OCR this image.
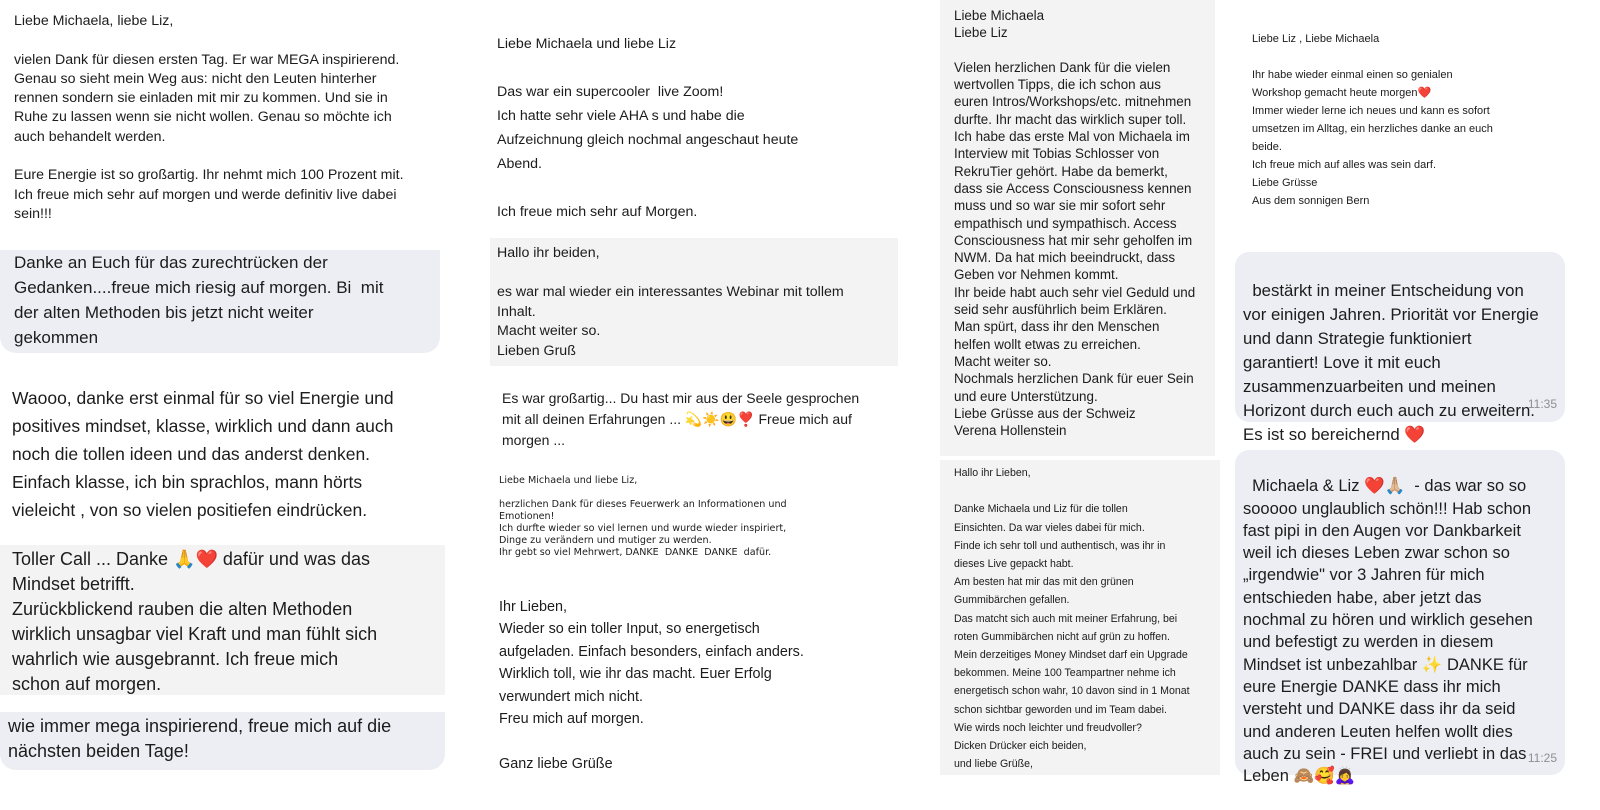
Liebe Michaela, liebe Liz,

vielen Dank für diesen ersten Tag. Er war MEGA inspirierend.
Genau so sieht mein Weg aus: nicht den Leuten hinterher
rennen sondern sie einladen mit mir zu kommen. Und sie in
Ruhe zu lassen wenn sie nicht wollen. Genau so möchte ich
auch behandelt werden.

Eure Energie ist so großartig. Ihr nehmt mich 100 Prozent mit.
Ich freue mich sehr auf morgen und werde definitiv live dabei
sein!!!
Danke an Euch für das zurechtrücken der
Gedanken....freue mich riesig auf morgen. Bi  mit
der alten Methoden bis jetzt nicht weiter
gekommen
Waooo, danke erst einmal für so viel Energie und
positives mindset, klasse, wirklich und dann auch
noch die tollen ideen und das anderst denken.
Einfach klasse, ich bin sprachlos, mann hörts
vieleicht , von so vielen positiefen eindrücken.
Toller Call ... Danke 🙏❤️ dafür und was das
Mindset betrifft.
Zurückblickend rauben die alten Methoden
wirklich unsagbar viel Kraft und man fühlt sich
wahrlich wie ausgebrannt. Ich freue mich
schon auf morgen.
wie immer mega inspirierend, freue mich auf die
nächsten beiden Tage!
Liebe Michaela und liebe Liz

Das war ein supercooler  live Zoom!
Ich hatte sehr viele AHA s und habe die
Aufzeichnung gleich nochmal angeschaut heute
Abend.

Ich freue mich sehr auf Morgen.
Hallo ihr beiden,

es war mal wieder ein interessantes Webinar mit tollem
Inhalt.
Macht weiter so.
Lieben Gruß
Es war großartig... Du hast mir aus der Seele gesprochen
mit all deinen Erfahrungen ... 💫☀️😃❣️ Freue mich auf
morgen ...
Liebe Michaela und liebe Liz,

herzlichen Dank für dieses Feuerwerk an Informationen und
Emotionen!
Ich durfte wieder so viel lernen und wurde wieder inspiriert,
Dinge zu verändern und mutiger zu werden.
Ihr gebt so viel Mehrwert, DANKE  DANKE  DANKE  dafür.
Ihr Lieben,
Wieder so ein toller Input, so energetisch
aufgeladen. Einfach besonders, einfach anders.
Wirklich toll, wie ihr das macht. Euer Erfolg
verwundert mich nicht.
Freu mich auf morgen.

Ganz liebe Grüße
Liebe Michaela
Liebe Liz

Vielen herzlichen Dank für die vielen
wertvollen Tipps, die ich schon aus
euren Intros/Workshops/etc. mitnehmen
durfte. Ihr macht das wirklich super toll.
Ich habe das erste Mal von Michaela im
Interview mit Tobias Schlosser von
RekruTier gehört. Habe da bemerkt,
dass sie Access Consciousness kennen
muss und so war sie mir sofort sehr
empathisch und sympathisch. Access
Consciousness hat mir sehr geholfen im
NWM. Da hat mich beeindruckt, dass
Geben vor Nehmen kommt.
Ihr beide habt auch sehr viel Geduld und
seid sehr ausführlich beim Erklären.
Man spürt, dass ihr den Menschen
helfen wollt etwas zu erreichen.
Macht weiter so.
Nochmals herzlichen Dank für euer Sein
und eure Unterstützung.
Liebe Grüsse aus der Schweiz
Verena Hollenstein
Hallo ihr Lieben,

Danke Michaela und Liz für die tollen
Einsichten. Da war vieles dabei für mich.
Finde ich sehr toll und authentisch, was ihr in
dieses Live gepackt habt.
Am besten hat mir das mit den grünen
Gummibärchen gefallen.
Das matcht sich auch mit meiner Erfahrung, bei
roten Gummibärchen nicht auf grün zu hoffen.
Mein derzeitiges Money Mindset darf ein Upgrade
bekommen. Meine 100 Teampartner nehme ich
energetisch schon wahr, 10 davon sind in 1 Monat
schon sichtbar geworden und im Team dabei.
Wie wirds noch leichter und freudvoller?
Dicken Drücker eich beiden,
und liebe Grüße,
Liebe Liz , Liebe Michaela

Ihr habe wieder einmal einen so genialen
Workshop gemacht heute morgen❤️
Immer wieder lerne ich neues und kann es sofort
umsetzen im Alltag, ein herzliches danke an euch
beide.
Ich freue mich auf alles was sein darf.
Liebe Grüsse
Aus dem sonnigen Bern

bestärkt in meiner Entscheidung von
vor einigen Jahren. Priorität vor Energie
und dann Strategie funktioniert
garantiert! Love it mit euch
zusammenzuarbeiten und meinen
Horizont durch euch auch zu erweitern.
Es ist so bereichernd ❤️

11:35

Michaela & Liz ❤️🙏🏼  - das war so so
sooooo unglaublich schön!!! Hab schon
fast pipi in den Augen vor Dankbarkeit
weil ich dieses Leben zwar schon so
„irgendwie" vor 3 Jahren für mich
entschieden habe, aber jetzt das
nochmal zu hören und wirklich gesehen
und befestigt zu werden in diesem
Mindset ist unbezahlbar ✨ DANKE für
eure Energie DANKE dass ihr mich
versteht und DANKE dass ihr da seid
und anderen Leuten helfen wollt dies
auch zu sein - FREI und verliebt in das
Leben 🙈🥰🙇‍♀️

11:25
